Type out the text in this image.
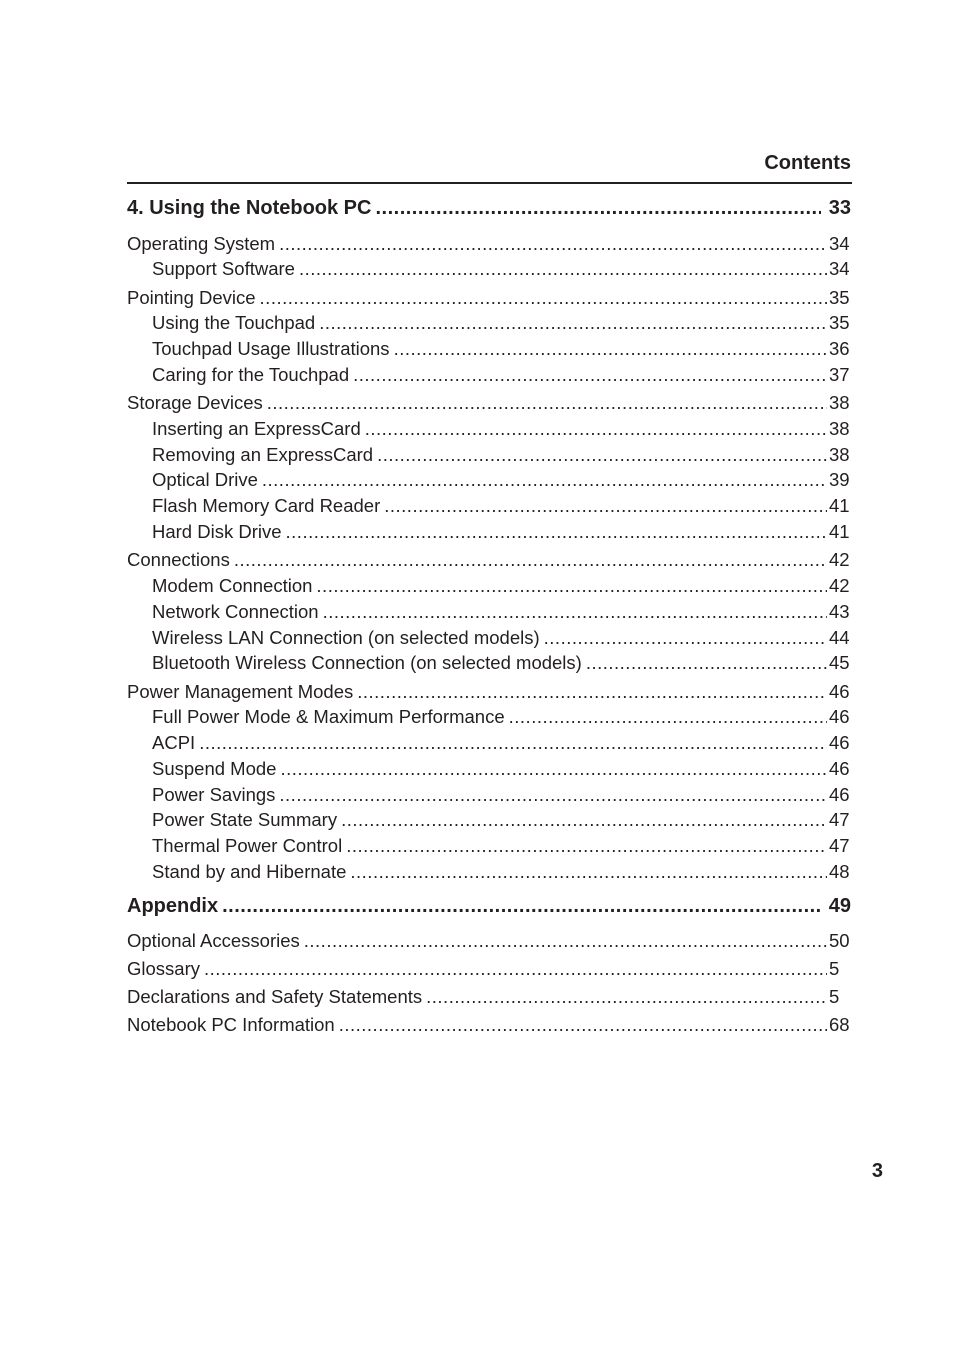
Contents
4. Using the Notebook PC .....	33
Operating System .....	34
Support Software .....	34
Pointing Device .....	35
Using the Touchpad .....	35
Touchpad Usage Illustrations .....	36
Caring for the Touchpad .....	37
Storage Devices .....	38
Inserting an ExpressCard .....	38
Removing an ExpressCard .....	38
Optical Drive .....	39
Flash Memory Card Reader .....	41
Hard Disk Drive .....	41
Connections .....	42
Modem Connection .....	42
Network Connection .....	43
Wireless LAN Connection (on selected models) .....	44
Bluetooth Wireless Connection (on selected models) .....	45
Power Management Modes .....	46
Full Power Mode & Maximum Performance .....	46
ACPI .....	46
Suspend Mode .....	46
Power Savings .....	46
Power State Summary .....	47
Thermal Power Control .....	47
Stand by and Hibernate .....	48
Appendix .....	49
Optional Accessories .....	50
Glossary .....	5
Declarations and Safety Statements .....	5
Notebook PC Information .....	68
3
